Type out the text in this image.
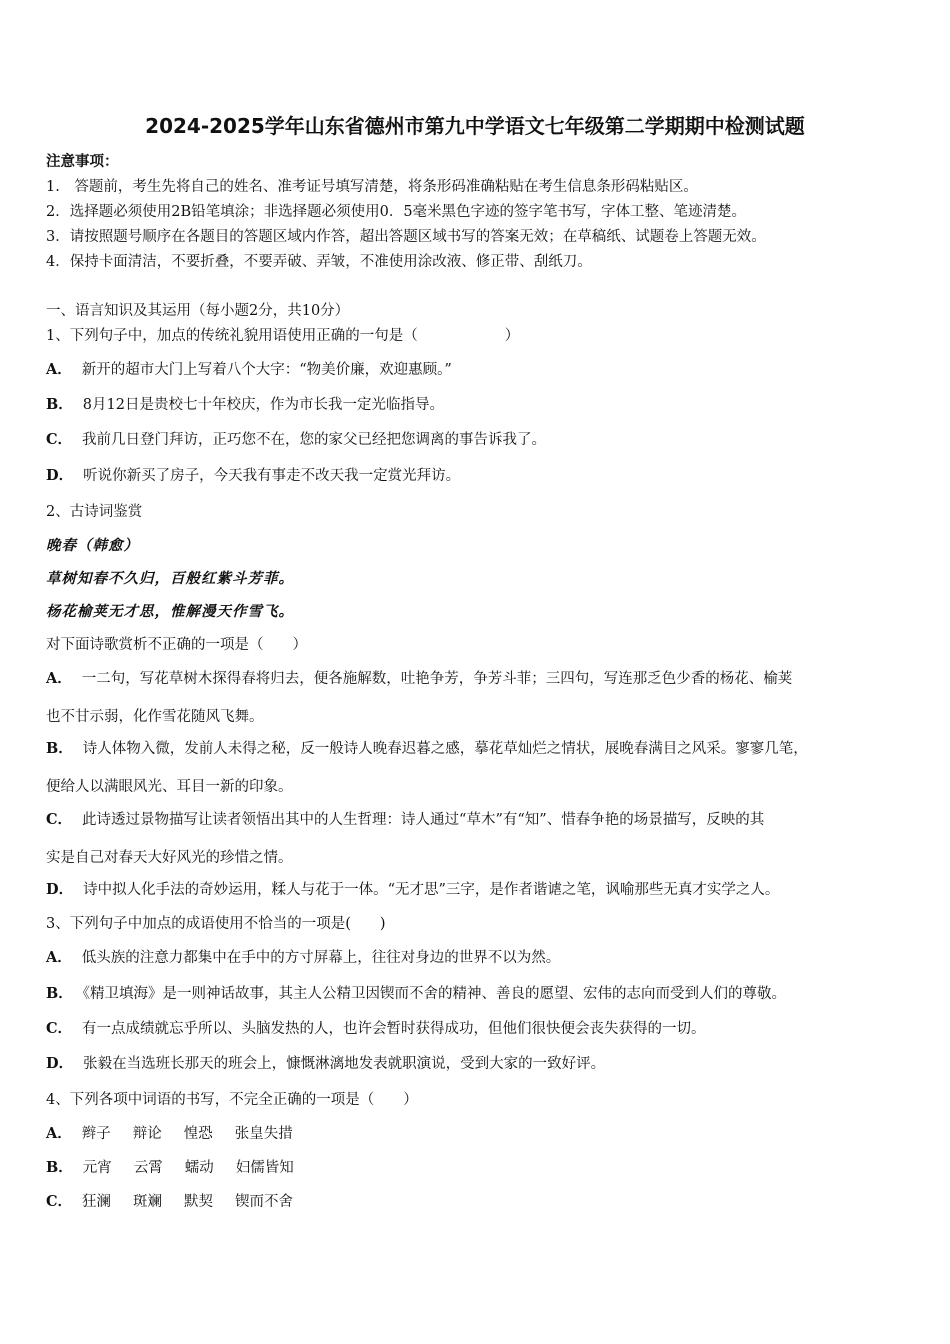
2024-2025学年山东省德州市第九中学语文七年级第二学期期中检测试题
注意事项：
1.　答题前，考生先将自己的姓名、准考证号填写清楚，将条形码准确粘贴在考生信息条形码粘贴区。
2．选择题必须使用2B铅笔填涂；非选择题必须使用0．5毫米黑色字迹的签字笔书写，字体工整、笔迹清楚。
3．请按照题号顺序在各题目的答题区域内作答，超出答题区域书写的答案无效；在草稿纸、试题卷上答题无效。
4．保持卡面清洁，不要折叠，不要弄破、弄皱，不准使用涂改液、修正带、刮纸刀。
一、语言知识及其运用（每小题2分，共10分）
1、下列句子中，加点的传统礼貌用语使用正确的一句是（　　　　　　）
A． 新开的超市大门上写着八个大字：“物美价廉，欢迎惠顾。”
B． 8月12日是贵校七十年校庆，作为市长我一定光临指导。
C． 我前几日登门拜访，正巧您不在，您的家父已经把您调离的事告诉我了。
D． 听说你新买了房子，今天我有事走不改天我一定赏光拜访。
2、古诗词鉴赏
晚春（韩愈）
草树知春不久归，百般红紫斗芳菲。
杨花榆荚无才思，惟解漫天作雪飞。
对下面诗歌赏析不正确的一项是（　　）
A． 一二句，写花草树木探得春将归去，便各施解数，吐艳争芳，争芳斗菲；三四句，写连那乏色少香的杨花、榆荚
也不甘示弱，化作雪花随风飞舞。
B． 诗人体物入微，发前人未得之秘，反一般诗人晚春迟暮之感，摹花草灿烂之情状，展晚春满目之风采。寥寥几笔，
便给人以满眼风光、耳目一新的印象。
C． 此诗透过景物描写让读者领悟出其中的人生哲理：诗人通过“草木”有“知”、惜春争艳的场景描写，反映的其
实是自己对春天大好风光的珍惜之情。
D． 诗中拟人化手法的奇妙运用，糅人与花于一体。“无才思”三字，是作者谐谑之笔，讽喻那些无真才实学之人。
3、下列句子中加点的成语使用不恰当的一项是(　　)
A． 低头族的注意力都集中在手中的方寸屏幕上，往往对身边的世界不以为然。
B． 《精卫填海》是一则神话故事，其主人公精卫因锲而不舍的精神、善良的愿望、宏伟的志向而受到人们的尊敬。
C． 有一点成绩就忘乎所以、头脑发热的人，也许会暂时获得成功，但他们很快便会丧失获得的一切。
D． 张毅在当选班长那天的班会上，慷慨淋漓地发表就职演说，受到大家的一致好评。
4、下列各项中词语的书写，不完全正确的一项是（　　）
A． 辫子 辩论 惶恐 张皇失措
B． 元宵 云霄 蠕动 妇儒皆知
C． 狂澜 斑斓 默契 锲而不舍
